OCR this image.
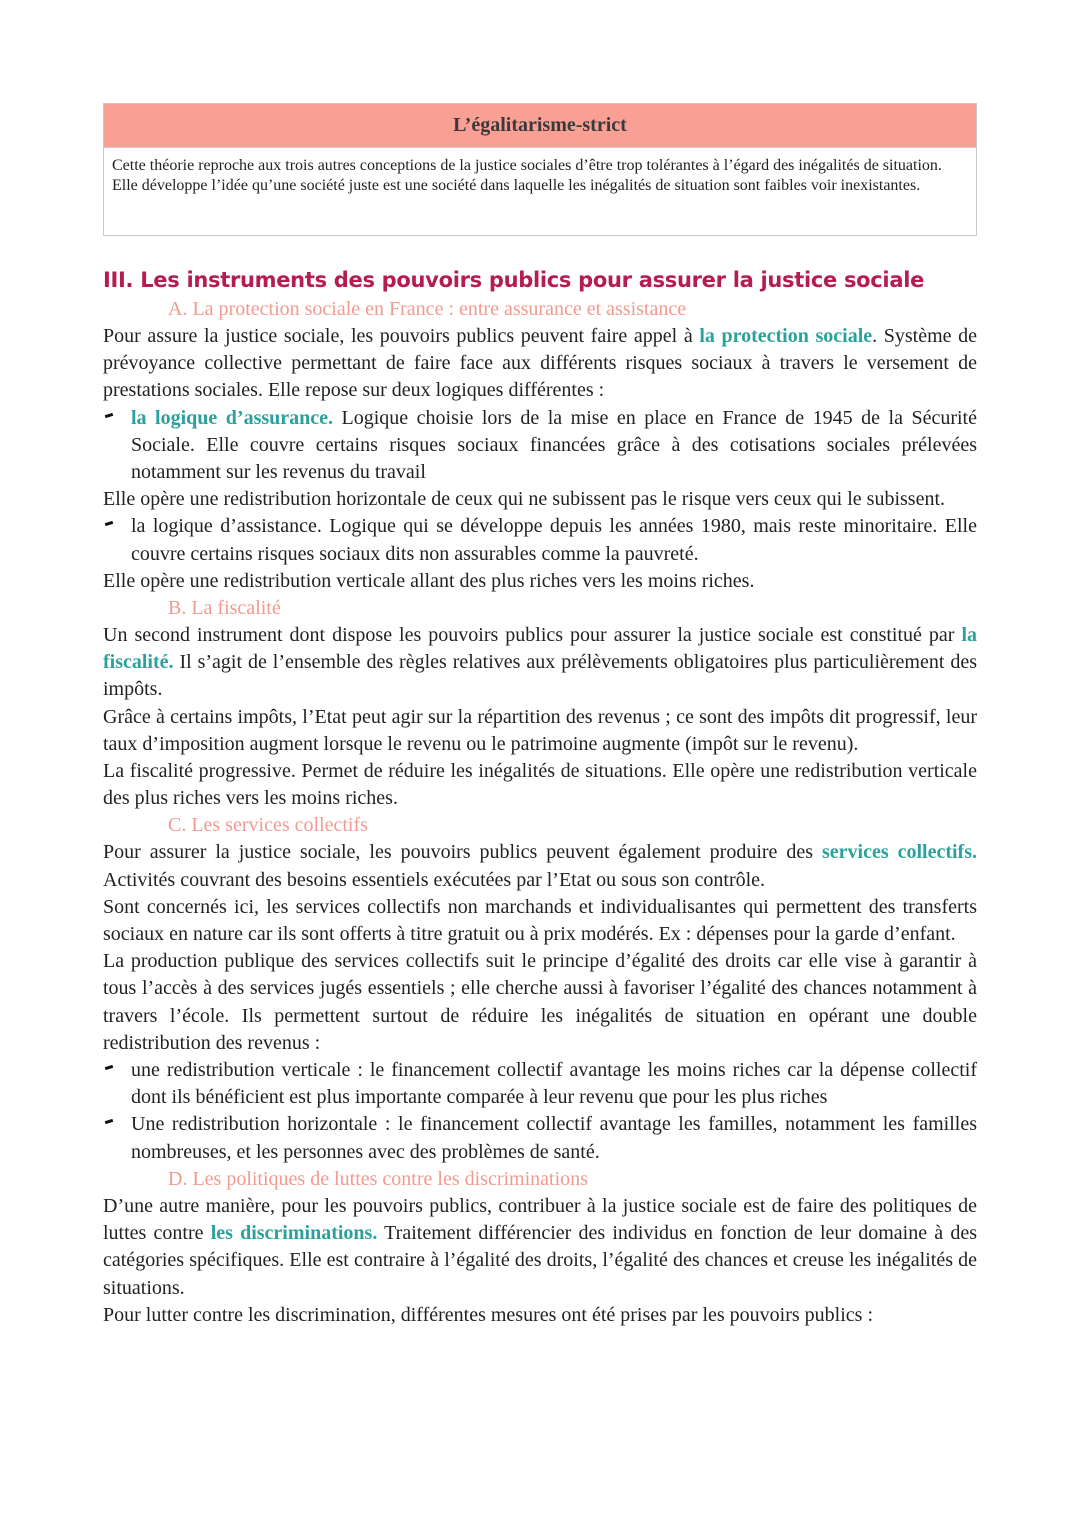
L’égalitarisme-strict
Cette théorie reproche aux trois autres conceptions de la justice sociales d’être trop tolérantes à l’égard des inégalités de situation. Elle développe l’idée qu’une société juste est une société dans laquelle les inégalités de situation sont faibles voir inexistantes.
III. Les instruments des pouvoirs publics pour assurer la justice sociale
A. La protection sociale en France : entre assurance et assistance

Pour assure la justice sociale, les pouvoirs publics peuvent faire appel à la protection sociale. Système de prévoyance collective permettant de faire face aux différents risques sociaux à travers le versement de prestations sociales. Elle repose sur deux logiques différentes :

la logique d’assurance. Logique choisie lors de la mise en place en France de 1945 de la Sécurité Sociale. Elle couvre certains risques sociaux financées grâce à des cotisations sociales prélevées notamment sur les revenus du travail

Elle opère une redistribution horizontale de ceux qui ne subissent pas le risque vers ceux qui le subissent.

la logique d’assistance. Logique qui se développe depuis les années 1980, mais reste minoritaire. Elle couvre certains risques sociaux dits non assurables comme la pauvreté.

Elle opère une redistribution verticale allant des plus riches vers les moins riches.

B. La fiscalité

Un second instrument dont dispose les pouvoirs publics pour assurer la justice sociale est constitué par la fiscalité. Il s’agit de l’ensemble des règles relatives aux prélèvements obligatoires plus particulièrement des impôts.

Grâce à certains impôts, l’Etat peut agir sur la répartition des revenus ; ce sont des impôts dit progressif, leur taux d’imposition augment lorsque le revenu ou le patrimoine augmente (impôt sur le revenu).

La fiscalité progressive. Permet de réduire les inégalités de situations. Elle opère une redistribution verticale des plus riches vers les moins riches.

C. Les services collectifs

Pour assurer la justice sociale, les pouvoirs publics peuvent également produire des services collectifs. Activités couvrant des besoins essentiels exécutées par l’Etat ou sous son contrôle.

Sont concernés ici, les services collectifs non marchands et individualisantes qui permettent des transferts sociaux en nature car ils sont offerts à titre gratuit ou à prix modérés. Ex : dépenses pour la garde d’enfant.

La production publique des services collectifs suit le principe d’égalité des droits car elle vise à garantir à tous l’accès à des services jugés essentiels ; elle cherche aussi à favoriser l’égalité des chances notamment à travers l’école. Ils permettent surtout de réduire les inégalités de situation en opérant une double redistribution des revenus :

une redistribution verticale : le financement collectif avantage les moins riches car la dépense collectif dont ils bénéficient est plus importante comparée à leur revenu que pour les plus riches
Une redistribution horizontale : le financement collectif avantage les familles, notamment les familles nombreuses, et les personnes avec des problèmes de santé.
D. Les politiques de luttes contre les discriminations

D’une autre manière, pour les pouvoirs publics, contribuer à la justice sociale est de faire des politiques de luttes contre les discriminations. Traitement différencier des individus en fonction de leur domaine à des catégories spécifiques. Elle est contraire à l’égalité des droits, l’égalité des chances et creuse les inégalités de situations.

Pour lutter contre les discrimination, différentes mesures ont été prises par les pouvoirs publics :
